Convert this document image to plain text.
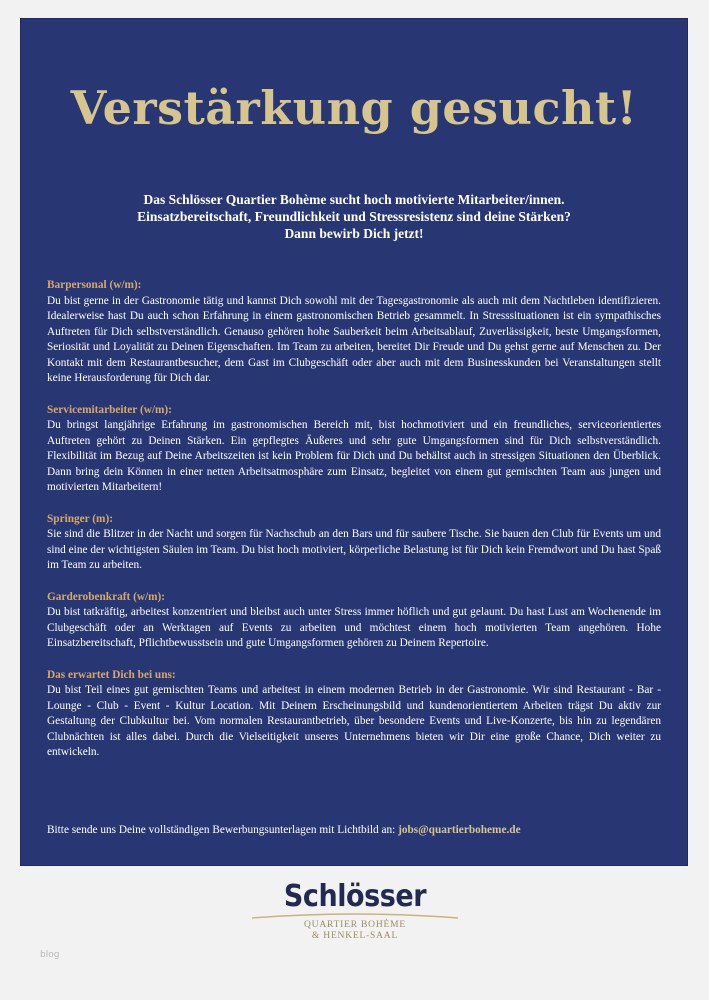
Verstärkung gesucht!
Das Schlösser Quartier Bohème sucht hoch motivierte Mitarbeiter/innen.
Einsatzbereitschaft, Freundlichkeit und Stressresistenz sind deine Stärken?
Dann bewirb Dich jetzt!
Barpersonal (w/m):
Du bist gerne in der Gastronomie tätig und kannst Dich sowohl mit der Tagesgastronomie als auch mit dem Nachtleben identifizieren. Idealerweise hast Du auch schon Erfahrung in einem gastronomischen Betrieb gesammelt. In Stresssituationen ist ein sympathisches Auftreten für Dich selbstverständlich. Genauso gehören hohe Sauberkeit beim Arbeitsablauf, Zuverlässigkeit, beste Umgangsformen, Seriosität und Loyalität zu Deinen Eigenschaften. Im Team zu arbeiten, bereitet Dir Freude und Du gehst gerne auf Menschen zu. Der Kontakt mit dem Restaurantbesucher, dem Gast im Clubgeschäft oder aber auch mit dem Businesskunden bei Veranstaltungen stellt keine Herausforderung für Dich dar.
Servicemitarbeiter (w/m):
Du bringst langjährige Erfahrung im gastronomischen Bereich mit, bist hochmotiviert und ein freundliches, serviceorientiertes Auftreten gehört zu Deinen Stärken. Ein gepflegtes Äußeres und sehr gute Umgangsformen sind für Dich selbstverständlich. Flexibilität im Bezug auf Deine Arbeitszeiten ist kein Problem für Dich und Du behältst auch in stressigen Situationen den Überblick. Dann bring dein Können in einer netten Arbeitsatmosphäre zum Einsatz, begleitet von einem gut gemischten Team aus jungen und motivierten Mitarbeitern!
Springer (m):
Sie sind die Blitzer in der Nacht und sorgen für Nachschub an den Bars und für saubere Tische. Sie bauen den Club für Events um und sind eine der wichtigsten Säulen im Team. Du bist hoch motiviert, körperliche Belastung ist für Dich kein Fremdwort und Du hast Spaß im Team zu arbeiten.
Garderobenkraft (w/m):
Du bist tatkräftig, arbeitest konzentriert und bleibst auch unter Stress immer höflich und gut gelaunt. Du hast Lust am Wochenende im Clubgeschäft oder an Werktagen auf Events zu arbeiten und möchtest einem hoch motivierten Team angehören. Hohe Einsatzbereitschaft, Pflichtbewusstsein und gute Umgangsformen gehören zu Deinem Repertoire.
Das erwartet Dich bei uns:
Du bist Teil eines gut gemischten Teams und arbeitest in einem modernen Betrieb in der Gastronomie. Wir sind Restaurant - Bar - Lounge - Club - Event - Kultur Location. Mit Deinem Erscheinungsbild und kundenorientiertem Arbeiten trägst Du aktiv zur Gestaltung der Clubkultur bei. Vom normalen Restaurantbetrieb, über besondere Events und Live-Konzerte, bis hin zu legendären Clubnächten ist alles dabei. Durch die Vielseitigkeit unseres Unternehmens bieten wir Dir eine große Chance, Dich weiter zu entwickeln.
Bitte sende uns Deine vollständigen Bewerbungsunterlagen mit Lichtbild an: jobs@quartierboheme.de
Schlösser
QUARTIER BOHÈME
& HENKEL-SAAL
blog
